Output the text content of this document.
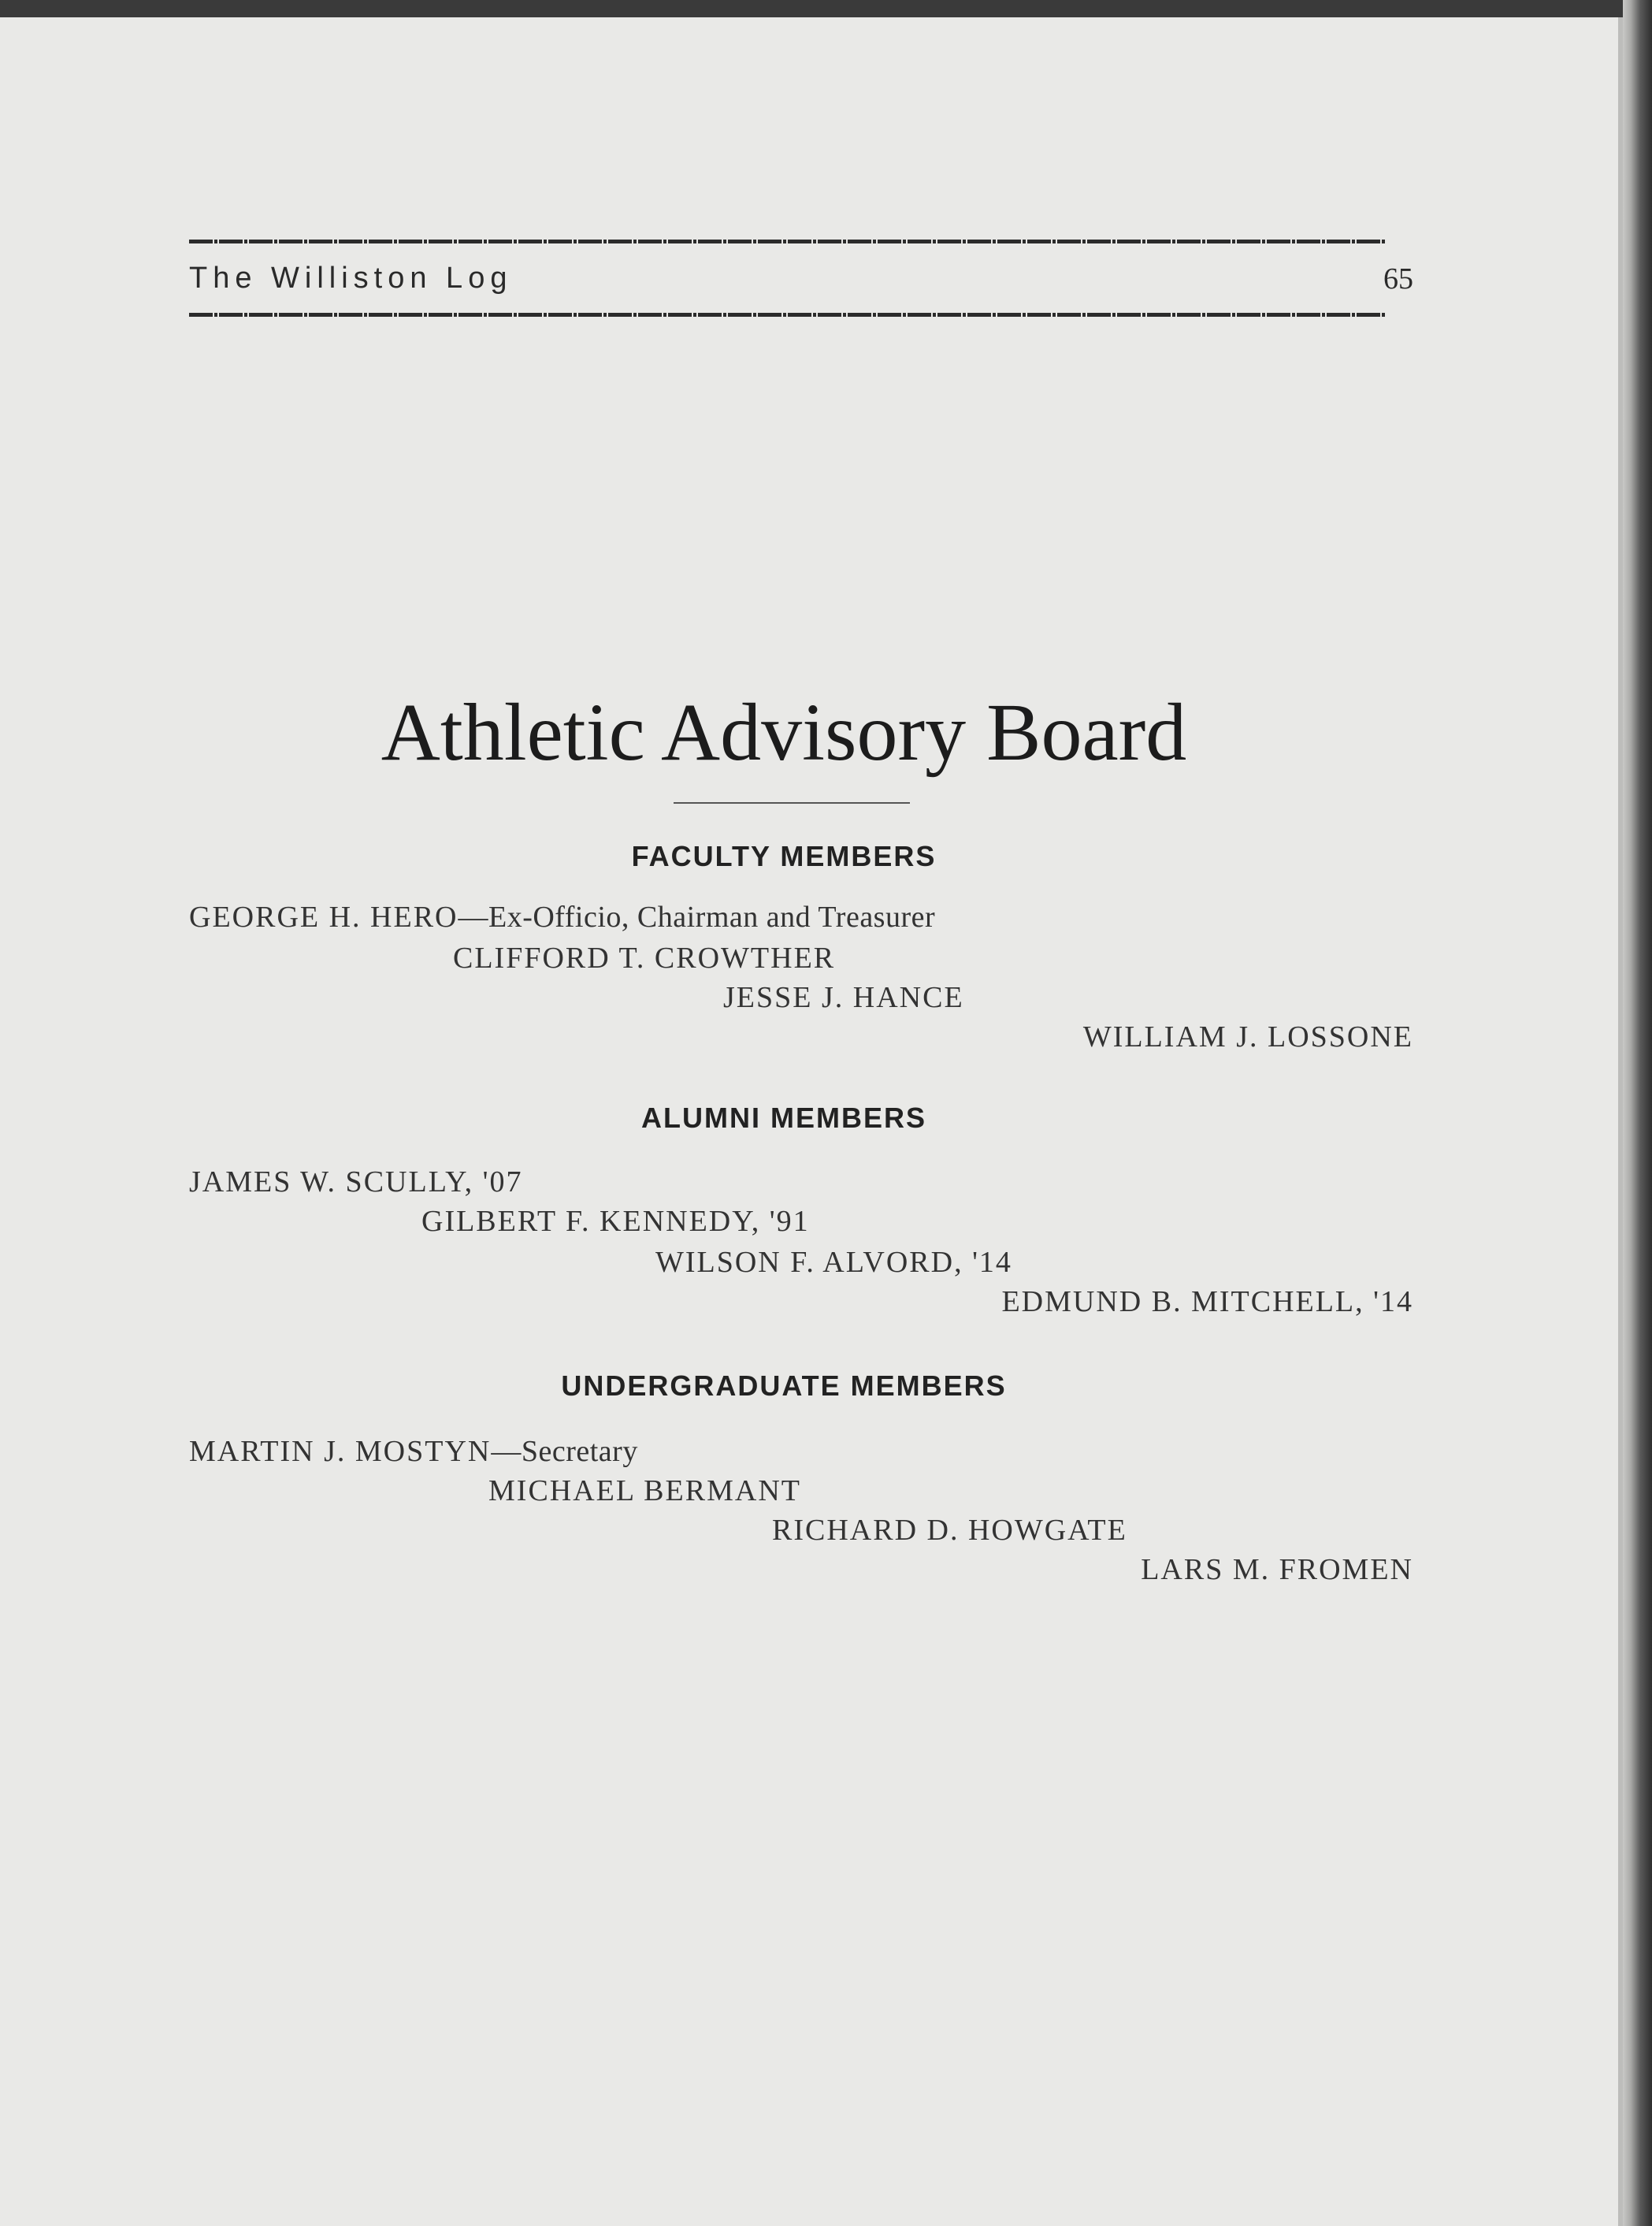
The Williston Log	65
Athletic Advisory Board
FACULTY MEMBERS
GEORGE H. HERO—Ex-Officio, Chairman and Treasurer
CLIFFORD T. CROWTHER
JESSE J. HANCE
WILLIAM J. LOSSONE
ALUMNI MEMBERS
JAMES W. SCULLY, '07
GILBERT F. KENNEDY, '91
WILSON F. ALVORD, '14
EDMUND B. MITCHELL, '14
UNDERGRADUATE MEMBERS
MARTIN J. MOSTYN—Secretary
MICHAEL BERMANT
RICHARD D. HOWGATE
LARS M. FROMEN
